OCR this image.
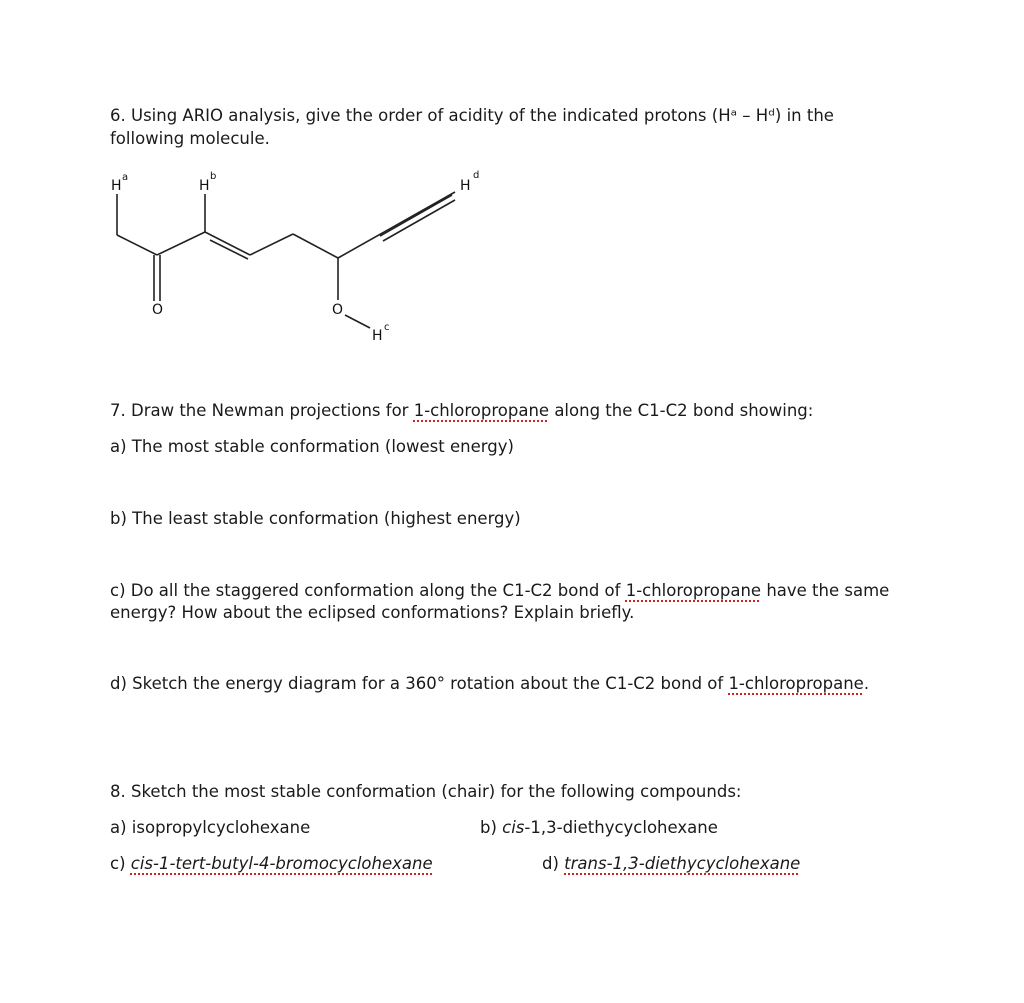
6. Using ARIO analysis, give the order of acidity of the indicated protons (Hᵃ – Hᵈ) in the
following molecule.
H
a
H
b
O	O
H
c
H
d
7. Draw the Newman projections for 1-chloropropane along the C1-C2 bond showing:
a) The most stable conformation (lowest energy)
b) The least stable conformation (highest energy)
c) Do all the staggered conformation along the C1-C2 bond of 1-chloropropane have the same
energy? How about the eclipsed conformations? Explain briefly.
d) Sketch the energy diagram for a 360° rotation about the C1-C2 bond of 1-chloropropane.
8. Sketch the most stable conformation (chair) for the following compounds:
a) isopropylcyclohexane	b) cis-1,3-diethycyclohexane
c) cis-1-tert-butyl-4-bromocyclohexane	d) trans-1,3-diethycyclohexane
